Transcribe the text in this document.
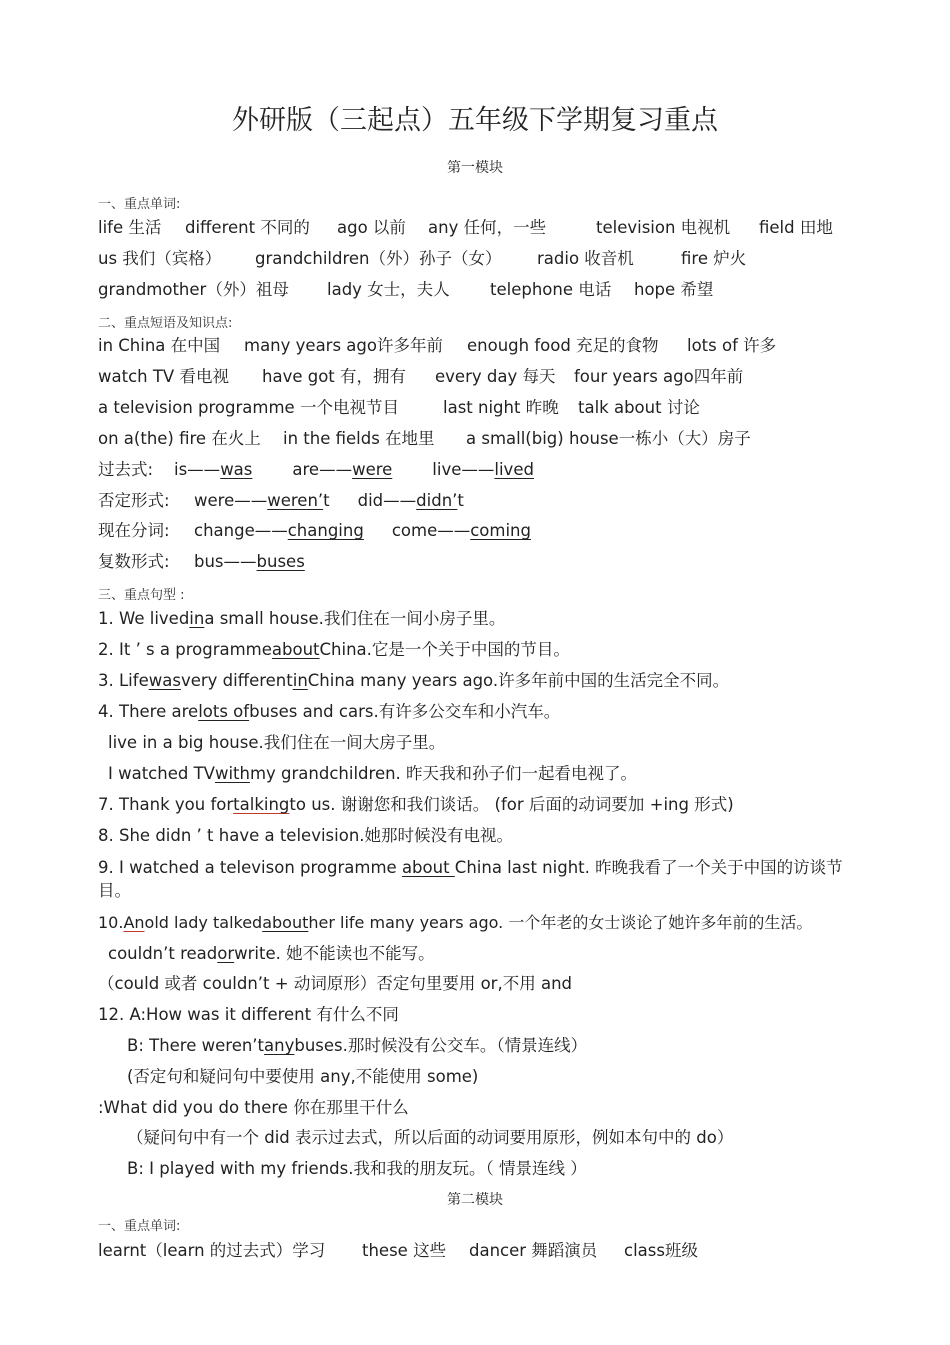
外研版（三起点）五年级下学期复习重点
第一模块
一、重点单词:
life 生活 different 不同的 ago 以前 any 任何，一些	television 电视机 field 田地
us 我们（宾格） grandchildren（外）孙子（女） radio 收音机	fire 炉火
grandmother（外）祖母 lady 女士，夫人 telephone 电话 hope 希望
二、重点短语及知识点:
in China 在中国 many years ago许多年前 enough food 充足的食物 lots of 许多
watch TV 看电视 have got 有，拥有 every day 每天 four years ago四年前
a television programme 一个电视节目	last night 昨晚 talk about 讨论
on a(the) fire 在火上 in the fields 在地里 a small(big) house一栋小（大）房子
过去式: is——was are——were live——lived
否定形式: were——weren’t did——didn’t
现在分词: change——changing come——coming
复数形式: bus——buses
三、重点句型 :
1. We livedina small house.我们住在一间小房子里。
2. It ’ s a programmeaboutChina.它是一个关于中国的节目。
3. Lifewasvery differentinChina many years ago.许多年前中国的生活完全不同。
4. There arelots ofbuses and cars.有许多公交车和小汽车。
live in a big house.我们住在一间大房子里。
I watched TVwithmy grandchildren. 昨天我和孙子们一起看电视了。
7. Thank you fortalkingto us. 谢谢您和我们谈话。 (for 后面的动词要加 +ing 形式)
8. She didn ’ t have a television.她那时候没有电视。
9. I watched a televison programme about China last night. 昨晚我看了一个关于中国的访谈节目。
10.Anold lady talkedabouther life many years ago. 一个年老的女士谈论了她许多年前的生活。
couldn’t readorwrite. 她不能读也不能写。
（could 或者 couldn’t + 动词原形）否定句里要用 or,不用 and
12. A:How was it different 有什么不同
B: There weren’tanybuses.那时候没有公交车。（情景连线）
(否定句和疑问句中要使用 any,不能使用 some)
:What did you do there 你在那里干什么
（疑问句中有一个 did 表示过去式，所以后面的动词要用原形，例如本句中的 do）
B: I played with my friends.我和我的朋友玩。（ 情景连线 ）
第二模块
一、重点单词:
learnt（learn 的过去式）学习 these 这些 dancer 舞蹈演员 class班级
